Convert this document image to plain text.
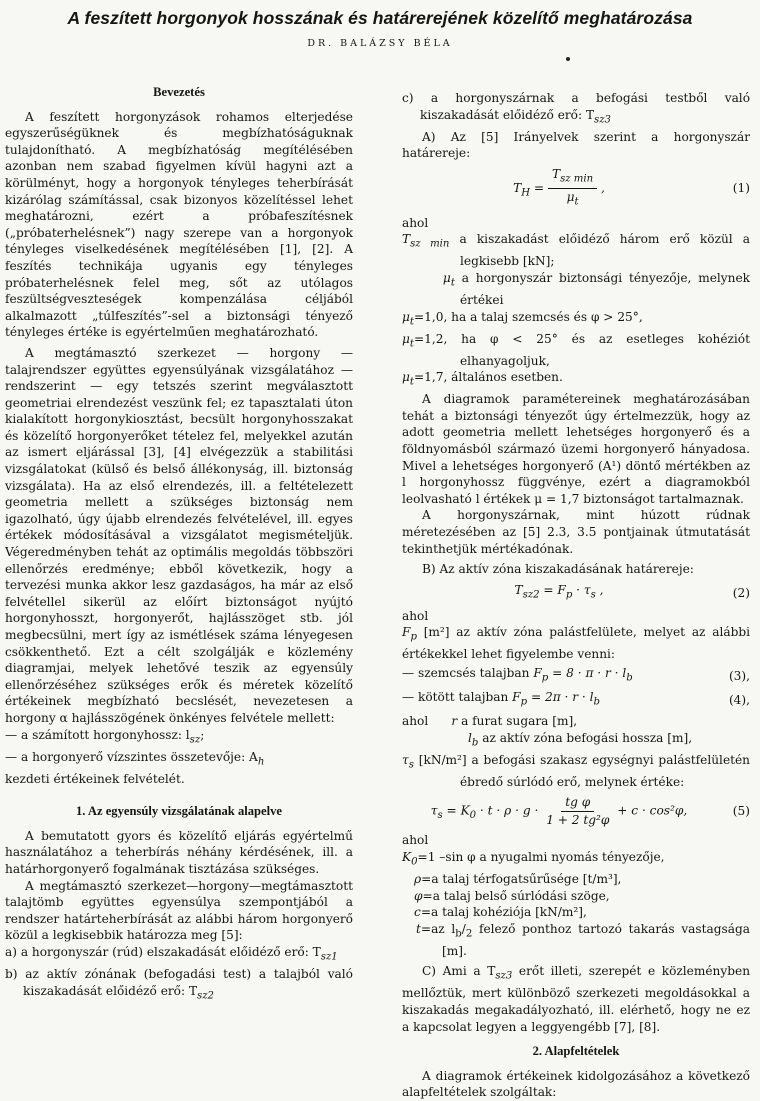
A feszített horgonyok hosszának és határerejének közelítő meghatározása
DR. BALÁZSY BÉLA
Bevezetés

A feszített horgonyzások rohamos elterjedése egyszerűségüknek és megbízhatóságuknak tulajdonítható. A megbízhatóság megítélésében azonban nem szabad figyelmen kívül hagyni azt a körülményt, hogy a horgonyok tényleges teherbírását kizárólag számítással, csak bizonyos közelítéssel lehet meghatározni, ezért a próbafeszítésnek („próbaterhelésnek”) nagy szerepe van a horgonyok tényleges viselkedésének megítélésében [1], [2]. A feszítés technikája ugyanis egy tényleges próbaterhelésnek felel meg, sőt az utólagos feszültségveszteségek kompenzálása céljából alkalmazott „túlfeszítés”-sel a biztonsági tényező tényleges értéke is egyértelműen meghatározható.

A megtámasztó szerkezet — horgony — talajrendszer együttes egyensúlyának vizsgálatához — rendszerint — egy tetszés szerint megválasztott geometriai elrendezést veszünk fel; ez tapasztalati úton kialakított horgonykiosztást, becsült horgonyhosszakat és közelítő horgonyerőket tételez fel, melyekkel azután az ismert eljárással [3], [4] elvégezzük a stabilitási vizsgálatokat (külső és belső állékonyság, ill. biztonság vizsgálata). Ha az első elrendezés, ill. a feltételezett geometria mellett a szükséges biztonság nem igazolható, úgy újabb elrendezés felvételével, ill. egyes értékek módosításával a vizsgálatot megismételjük. Végeredményben tehát az optimális megoldás többszöri ellenőrzés eredménye; ebből következik, hogy a tervezési munka akkor lesz gazdaságos, ha már az első felvétellel sikerül az előírt biztonságot nyújtó horgonyhosszt, horgonyerőt, hajlásszöget stb. jól megbecsülni, mert így az ismétlések száma lényegesen csökkenthető. Ezt a célt szolgálják e közlemény diagramjai, melyek lehetővé teszik az egyensúly ellenőrzéséhez szükséges erők és méretek közelítő értékeinek megbízható becslését, nevezetesen a horgony α hajlásszögének önkényes felvétele mellett:

— a számított horgonyhossz: $l_{sz}$;

— a horgonyerő vízszintes összetevője: $A_h$

kezdeti értékeinek felvételét.

1. Az egyensúly vizsgálatának alapelve

A bemutatott gyors és közelítő eljárás egyértelmű használatához a teherbírás néhány kérdésének, ill. a határhorgonyerő fogalmának tisztázása szükséges.

A megtámasztó szerkezet—horgony—megtámasztott talajtömb együttes egyensúlya szempontjából a rendszer határteherbírását az alábbi három horgonyerő közül a legkisebbik határozza meg [5]:

a) a horgonyszár (rúd) elszakadását előidéző erő: $T_{sz1}$

b) az aktív zónának (befogadási test) a talajból való kiszakadását előidéző erő: $T_{sz2}$

c) a horgonyszárnak a befogási testből való kiszakadását előidéző erő: $T_{sz3}$

A) Az [5] Irányelvek szerint a horgonyszár határereje:

$T_H = \frac{T_{sz min}}{\mu_t}$ ,	(1)

ahol

$T_{sz min}$ a kiszakadást előidéző három erő közül a legkisebb [kN];

$\mu_t$ a horgonyszár biztonsági tényezője, melynek értékei

$\mu_t=1,0$, ha a talaj szemcsés és φ > 25°,

$\mu_t=1,2$, ha φ < 25° és az esetleges kohéziót elhanyagoljuk,

$\mu_t=1,7$, általános esetben.

A diagramok paramétereinek meghatározásában tehát a biztonsági tényezőt úgy értelmezzük, hogy az adott geometria mellett lehetséges horgonyerő és a földnyomásból származó üzemi horgonyerő hányadosa. Mivel a lehetséges horgonyerő (A¹) döntő mértékben az l horgonyhossz függvénye, ezért a diagramokból leolvasható l értékek μ = 1,7 biztonságot tartalmaznak.

A horgonyszárnak, mint húzott rúdnak méretezésében az [5] 2.3, 3.5 pontjainak útmutatását tekinthetjük mértékadónak.

B) Az aktív zóna kiszakadásának határereje:

$T_{sz2} = F_p \cdot \tau_s$ ,	(2)

ahol

$F_p$ [m²] az aktív zóna palástfelülete, melyet az alábbi értékekkel lehet figyelembe venni:

— szemcsés talajban $F_p = 8 \cdot \pi \cdot r \cdot l_b$	(3),
— kötött talajban $F_p = 2\pi \cdot r \cdot l_b$	(4),

ahol r a furat sugara [m],

$l_b$ az aktív zóna befogási hossza [m],

$\tau_s$ [kN/m²] a befogási szakasz egységnyi palástfelületén ébredő súrlódó erő, melynek értéke:

$\tau_s = K_0 \cdot t \cdot \rho \cdot g \cdot \frac{\text{tg φ}}{\text{1 + 2 tg²φ}} + c \cdot \cos^2\varphi$,	(5)

ahol

$K_0=1$ –sin φ a nyugalmi nyomás tényezője,

ρ=a talaj térfogatsűrűsége [t/m³],

φ=a talaj belső súrlódási szöge,

c=a talaj kohéziója [kN/m²],

t=az $l_b/_2$ felező ponthoz tartozó takarás vastagsága [m].

C) Ami a $T_{sz3}$ erőt illeti, szerepét e közleményben mellőztük, mert különböző szerkezeti megoldásokkal a kiszakadás megakadályozható, ill. elérhető, hogy ne ez a kapcsolat legyen a leggyengébb [7], [8].

2. Alapfeltételek

A diagramok értékeinek kidolgozásához a következő alapfeltételek szolgáltak:
